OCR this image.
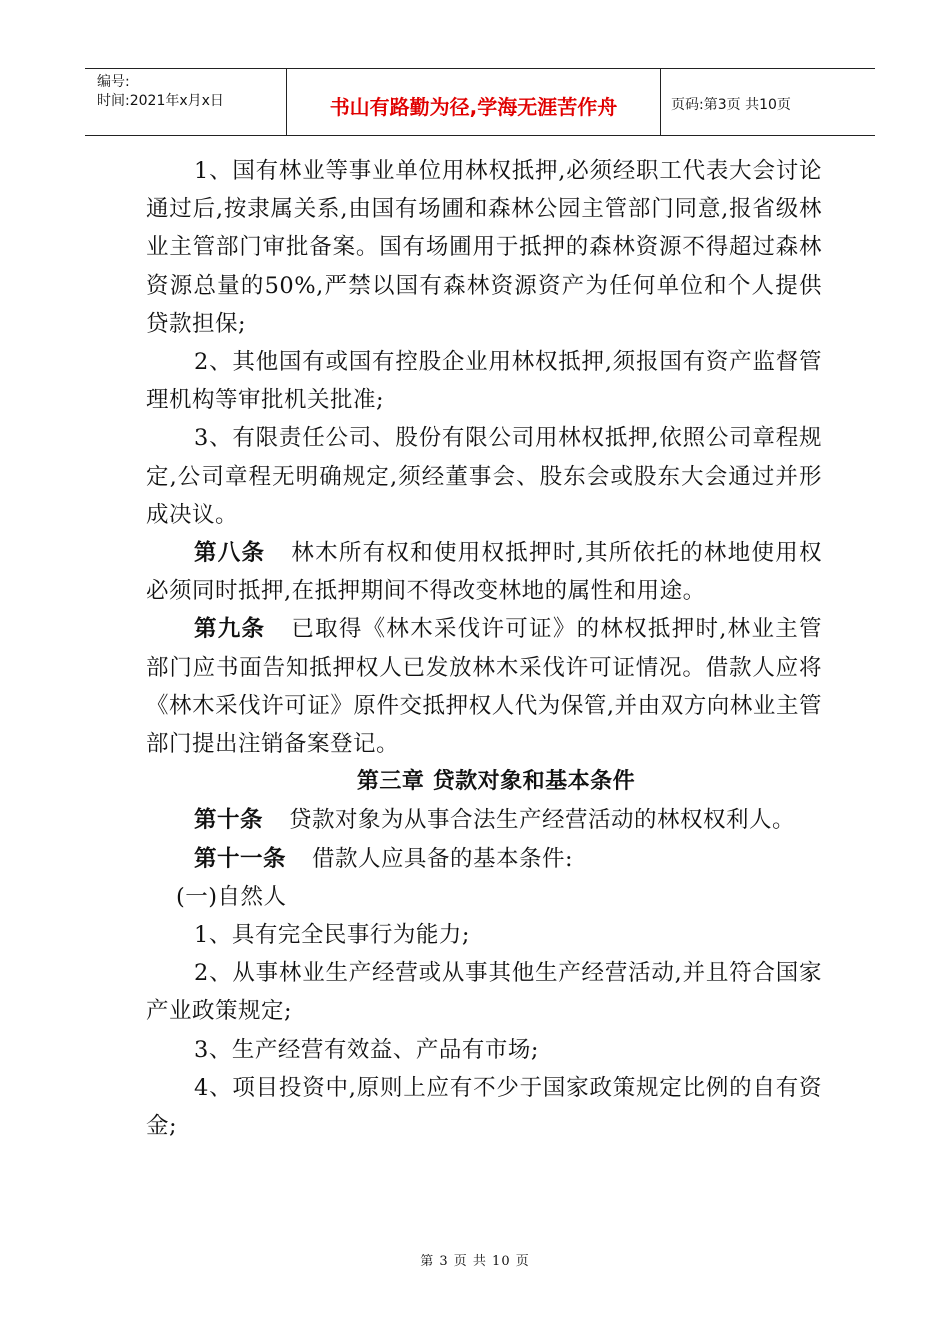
编号:
时间:2021年x月x日	书山有路勤为径,学海无涯苦作舟	页码:第3页 共10页

1、国有林业等事业单位用林权抵押,必须经职工代表大会讨论通过后,按隶属关系,由国有场圃和森林公园主管部门同意,报省级林业主管部门审批备案。国有场圃用于抵押的森林资源不得超过森林资源总量的50%,严禁以国有森林资源资产为任何单位和个人提供贷款担保;

2、其他国有或国有控股企业用林权抵押,须报国有资产监督管理机构等审批机关批准;

3、有限责任公司、股份有限公司用林权抵押,依照公司章程规定,公司章程无明确规定,须经董事会、股东会或股东大会通过并形成决议。

第八条 林木所有权和使用权抵押时,其所依托的林地使用权必须同时抵押,在抵押期间不得改变林地的属性和用途。

第九条 已取得《林木采伐许可证》的林权抵押时,林业主管部门应书面告知抵押权人已发放林木采伐许可证情况。借款人应将《林木采伐许可证》原件交抵押权人代为保管,并由双方向林业主管部门提出注销备案登记。

第三章 贷款对象和基本条件

第十条 贷款对象为从事合法生产经营活动的林权权利人。

第十一条 借款人应具备的基本条件:

(一)自然人

1、具有完全民事行为能力;

2、从事林业生产经营或从事其他生产经营活动,并且符合国家产业政策规定;

3、生产经营有效益、产品有市场;

4、项目投资中,原则上应有不少于国家政策规定比例的自有资金;

第 3 页 共 10 页
